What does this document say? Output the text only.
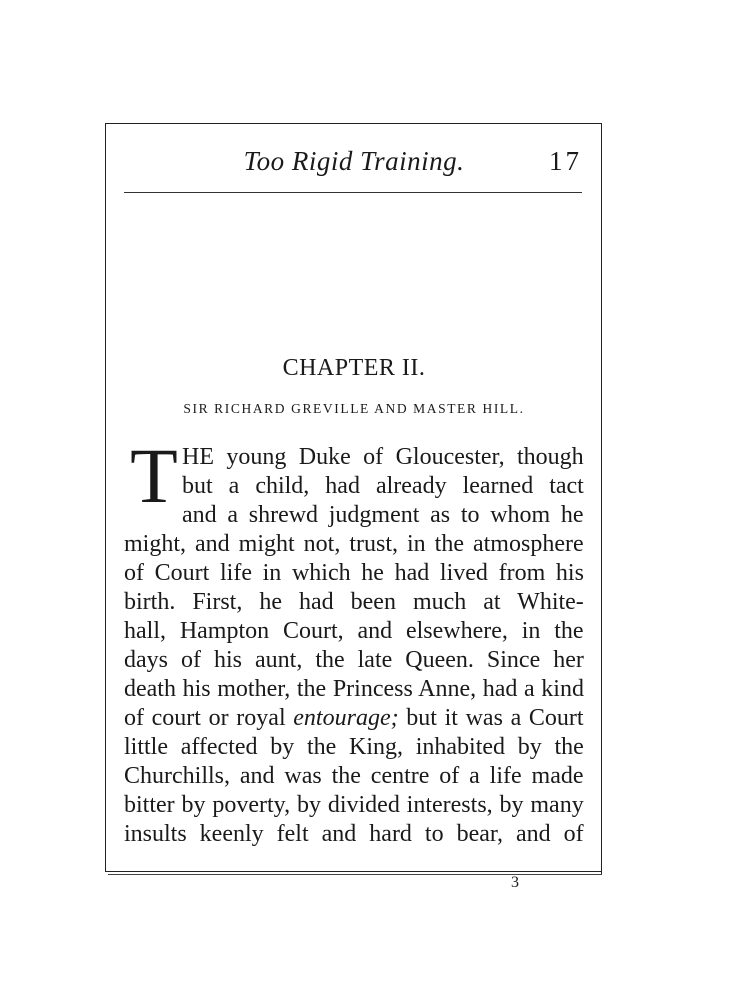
Too Rigid Training.	17
CHAPTER II.
SIR RICHARD GREVILLE AND MASTER HILL.
T HE young Duke of Gloucester, though
but a child, had already learned tact
and a shrewd judgment as to whom he
might, and might not, trust, in the atmosphere
of Court life in which he had lived from his
birth. First, he had been much at White-
hall, Hampton Court, and elsewhere, in the
days of his aunt, the late Queen. Since her
death his mother, the Princess Anne, had a kind
of court or royal entourage; but it was a Court
little affected by the King, inhabited by the
Churchills, and was the centre of a life made
bitter by poverty, by divided interests, by many
insults keenly felt and hard to bear, and of
3
